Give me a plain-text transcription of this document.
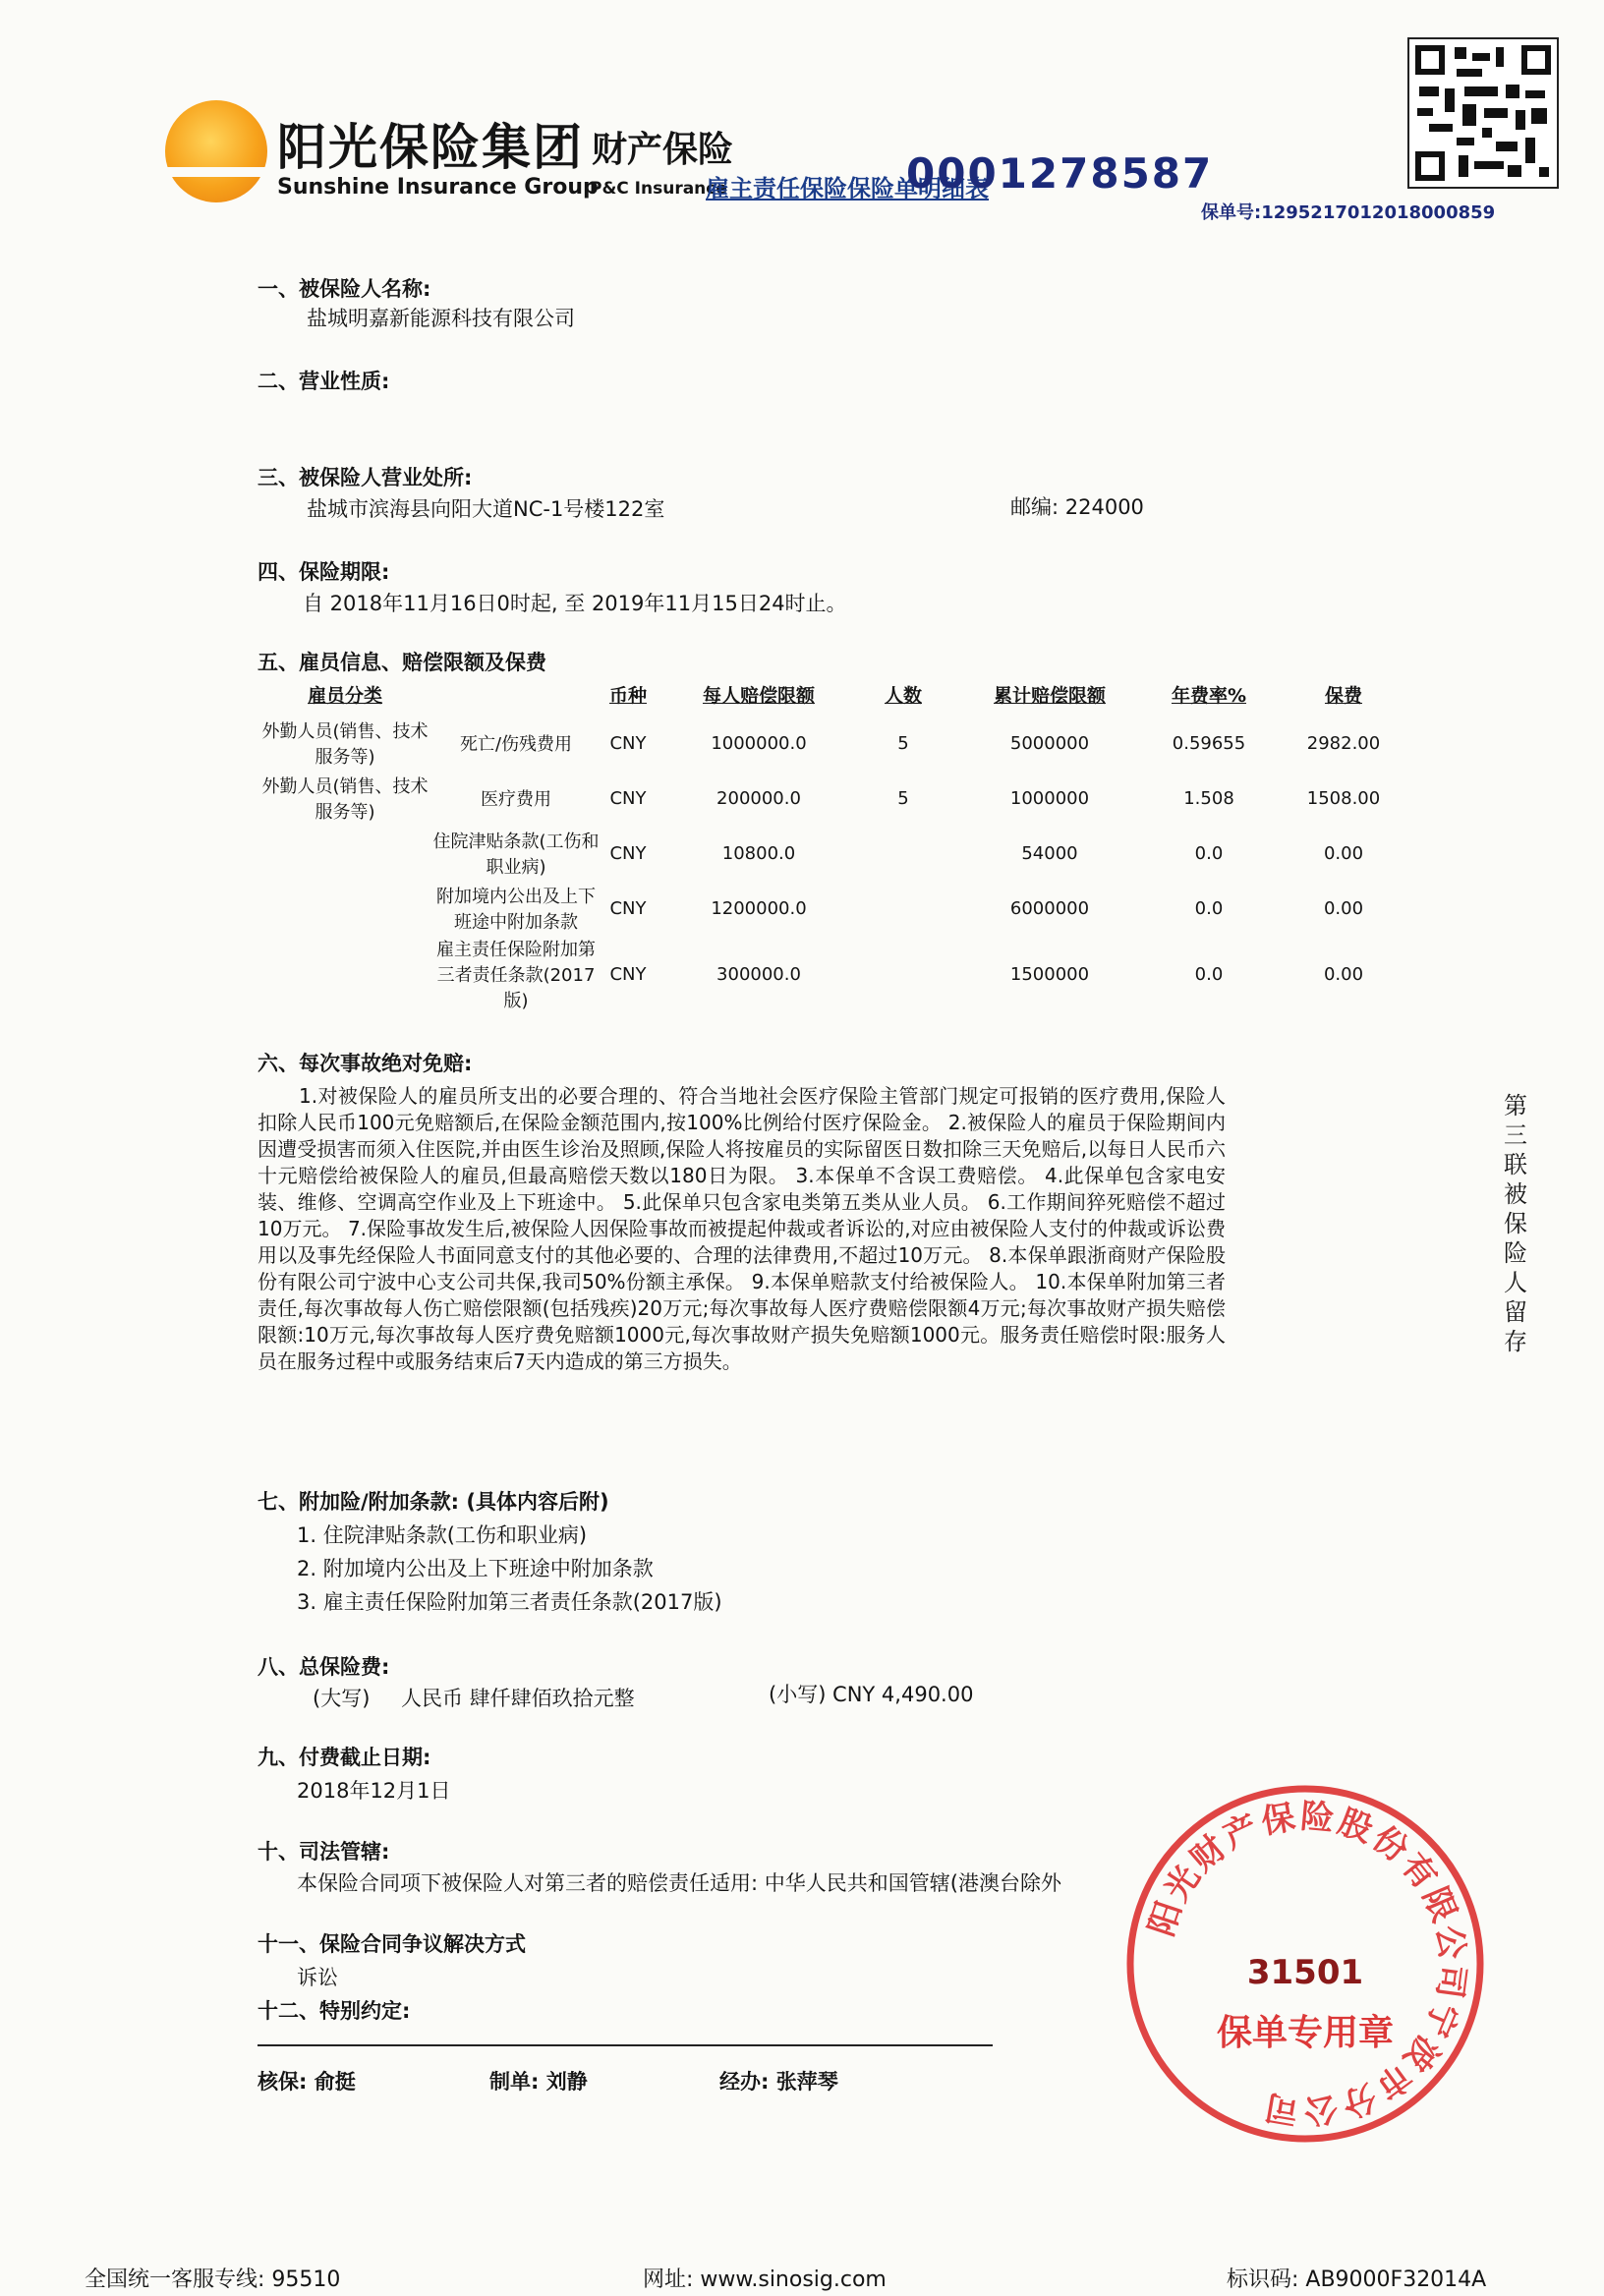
阳光保险集团 财产保险
Sunshine Insurance Group
P&C Insurance
雇主责任保险保险单明细表
0001278587
保单号:1295217012018000859
一、被保险人名称:
盐城明嘉新能源科技有限公司
二、营业性质:
三、被保险人营业处所:
盐城市滨海县向阳大道NC-1号楼122室	邮编: 224000
四、保险期限:
自 2018年11月16日0时起, 至 2019年11月15日24时止。
五、雇员信息、赔偿限额及保费
雇员分类		币种	每人赔偿限额	人数	累计赔偿限额	年费率%	保费
外勤人员(销售、技术服务等)	死亡/伤残费用	CNY	1000000.0	5	5000000	0.59655	2982.00
外勤人员(销售、技术服务等)	医疗费用	CNY	200000.0	5	1000000	1.508	1508.00
	住院津贴条款(工伤和职业病)	CNY	10800.0		54000	0.0	0.00
	附加境内公出及上下班途中附加条款	CNY	1200000.0		6000000	0.0	0.00
	雇主责任保险附加第三者责任条款(2017版)	CNY	300000.0		1500000	0.0	0.00
六、每次事故绝对免赔:
1.对被保险人的雇员所支出的必要合理的、符合当地社会医疗保险主管部门规定可报销的医疗费用,保险人扣除人民币100元免赔额后,在保险金额范围内,按100%比例给付医疗保险金。 2.被保险人的雇员于保险期间内因遭受损害而须入住医院,并由医生诊治及照顾,保险人将按雇员的实际留医日数扣除三天免赔后,以每日人民币六十元赔偿给被保险人的雇员,但最高赔偿天数以180日为限。 3.本保单不含误工费赔偿。 4.此保单包含家电安装、维修、空调高空作业及上下班途中。 5.此保单只包含家电类第五类从业人员。 6.工作期间猝死赔偿不超过10万元。 7.保险事故发生后,被保险人因保险事故而被提起仲裁或者诉讼的,对应由被保险人支付的仲裁或诉讼费用以及事先经保险人书面同意支付的其他必要的、合理的法律费用,不超过10万元。 8.本保单跟浙商财产保险股份有限公司宁波中心支公司共保,我司50%份额主承保。 9.本保单赔款支付给被保险人。 10.本保单附加第三者责任,每次事故每人伤亡赔偿限额(包括残疾)20万元;每次事故每人医疗费赔偿限额4万元;每次事故财产损失赔偿限额:10万元,每次事故每人医疗费免赔额1000元,每次事故财产损失免赔额1000元。服务责任赔偿时限:服务人员在服务过程中或服务结束后7天内造成的第三方损失。
七、附加险/附加条款: (具体内容后附)
1. 住院津贴条款(工伤和职业病)
2. 附加境内公出及上下班途中附加条款
3. 雇主责任保险附加第三者责任条款(2017版)
八、总保险费:
(大写) 人民币 肆仟肆佰玖拾元整	(小写) CNY 4,490.00
九、付费截止日期:
2018年12月1日
十、司法管辖:
本保险合同项下被保险人对第三者的赔偿责任适用: 中华人民共和国管辖(港澳台除外
十一、保险合同争议解决方式
诉讼
十二、特别约定:
核保: 俞挺	制单: 刘静	经办: 张萍琴
第三联 被保险人留存
阳光财产保险股份有限公司宁波市分公司
31501
保单专用章
全国统一客服专线: 95510	网址: www.sinosig.com	标识码: AB9000F32014A
